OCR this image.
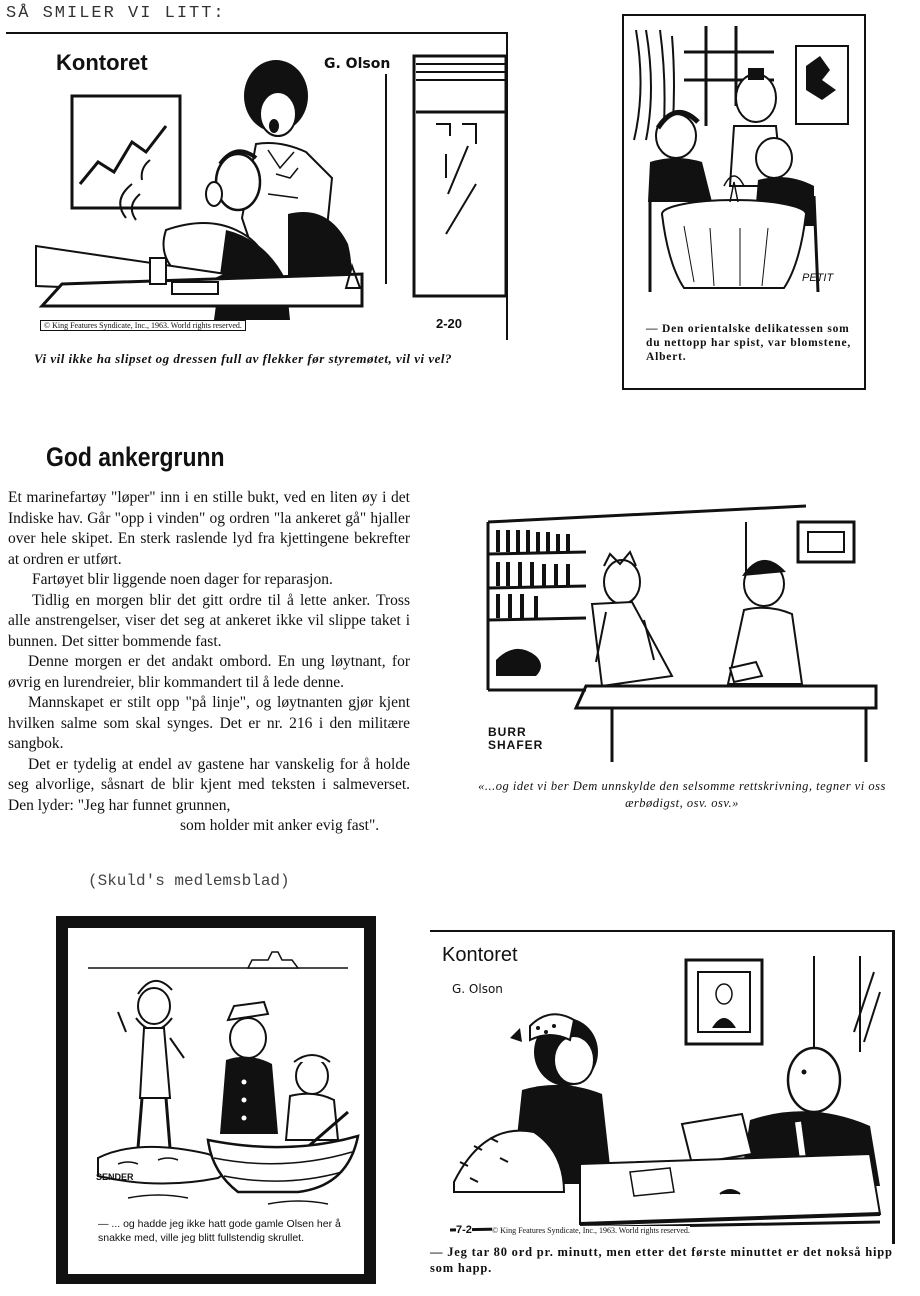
SÅ SMILER VI LITT:
Kontoret	G. Olson
© King Features Syndicate, Inc., 1963. World rights reserved.	2-20
Vi vil ikke ha slipset og dressen full av flekker før styremøtet, vil vi vel?
PETIT
— Den orientalske delikatessen som du nettopp har spist, var blomstene, Albert.
God ankergrunn

Et marinefartøy "løper" inn i en stille bukt, ved en liten øy i det Indiske hav. Går "opp i vinden" og ordren "la ankeret gå" hjaller over hele skipet. En sterk raslende lyd fra kjettingene bekrefter at ordren er utført.

Fartøyet blir liggende noen dager for reparasjon.

Tidlig en morgen blir det gitt ordre til å lette anker. Tross alle anstrengelser, viser det seg at ankeret ikke vil slippe taket i bunnen. Det sitter bommende fast.

Denne morgen er det andakt ombord. En ung løytnant, for øvrig en lurendreier, blir kommandert til å lede denne.

Mannskapet er stilt opp "på linje", og løytnanten gjør kjent hvilken salme som skal synges. Det er nr. 216 i den militære sangbok.

Det er tydelig at endel av gastene har vanskelig for å holde seg alvorlige, såsnart de blir kjent med teksten i salmeverset. Den lyder: "Jeg har funnet grunnen,

som holder mit anker evig fast".

(Skuld's medlemsblad)
BURR SHAFER
«...og idet vi ber Dem unnskylde den selsomme rettskrivning, tegner vi oss ærbødigst, osv. osv.»
SENDER
— ... og hadde jeg ikke hatt gode gamle Olsen her å snakke med, ville jeg blitt fullstendig skrullet.
Kontoret
G. Olson
7-2	© King Features Syndicate, Inc., 1963. World rights reserved.
— Jeg tar 80 ord pr. minutt, men etter det første minuttet er det nokså hipp som happ.
